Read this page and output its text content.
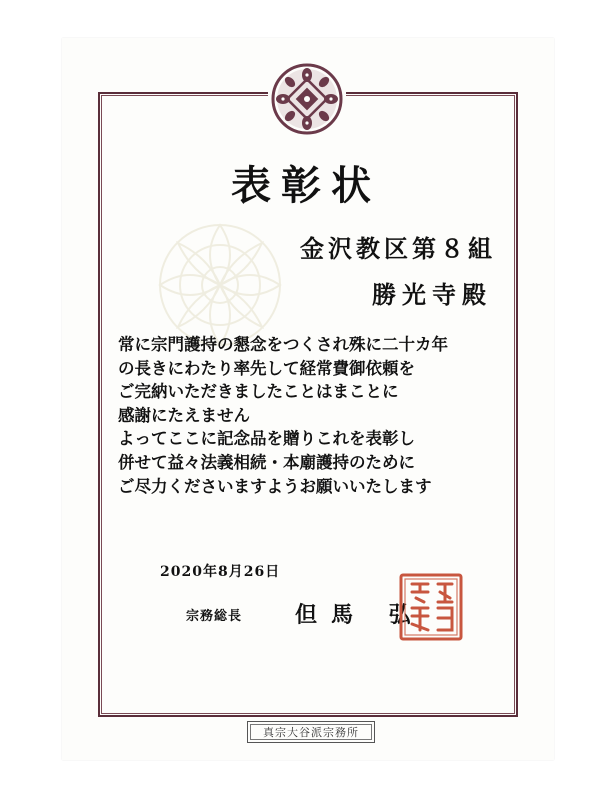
表彰状
金沢教区第８組
勝光寺殿
常に宗門護持の懇念をつくされ殊に二十カ年
の長きにわたり率先して経常費御依頼を
ご完納いただきましたことはまことに
感謝にたえません
よってここに記念品を贈りこれを表彰し
併せて益々法義相続・本廟護持のために
ご尽力くださいますようお願いいたします
2020年8月26日
宗務総長 但馬 弘
真宗大谷派宗務所
